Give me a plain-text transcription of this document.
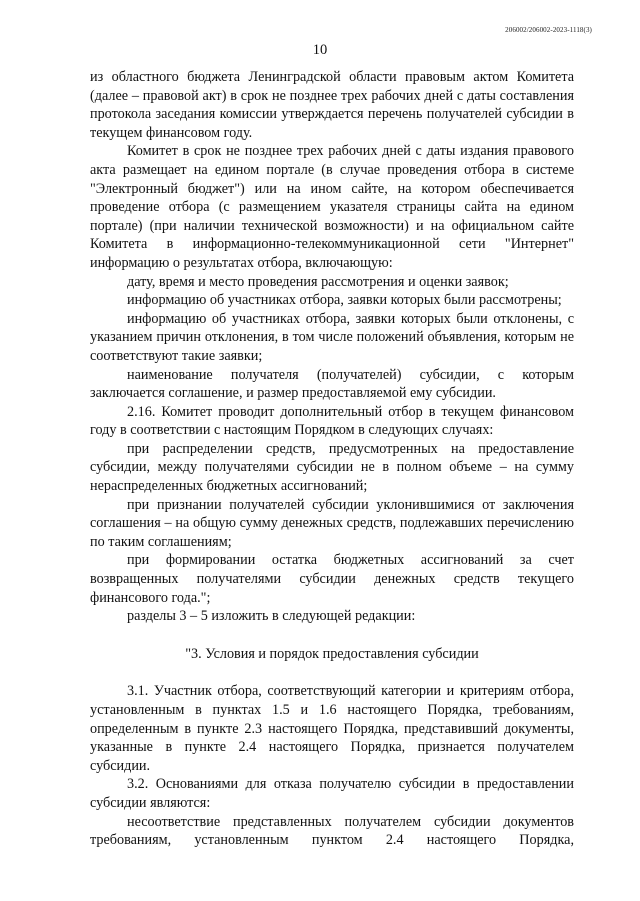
206002/206002-2023-1118(3)
10

из областного бюджета Ленинградской области правовым актом Комитета (далее – правовой акт) в срок не позднее трех рабочих дней с даты составления протокола заседания комиссии утверждается перечень получателей субсидии в текущем финансовом году.

Комитет в срок не позднее трех рабочих дней с даты издания правового акта размещает на едином портале (в случае проведения отбора в системе "Электронный бюджет") или на ином сайте, на котором обеспечивается проведение отбора (с размещением указателя страницы сайта на едином портале) (при наличии технической возможности) и на официальном сайте Комитета в информационно-телекоммуникационной сети "Интернет" информацию о результатах отбора, включающую:

дату, время и место проведения рассмотрения и оценки заявок;

информацию об участниках отбора, заявки которых были рассмотрены;

информацию об участниках отбора, заявки которых были отклонены, с указанием причин отклонения, в том числе положений объявления, которым не соответствуют такие заявки;

наименование получателя (получателей) субсидии, с которым заключается соглашение, и размер предоставляемой ему субсидии.

2.16. Комитет проводит дополнительный отбор в текущем финансовом году в соответствии с настоящим Порядком в следующих случаях:

при распределении средств, предусмотренных на предоставление субсидии, между получателями субсидии не в полном объеме – на сумму нераспределенных бюджетных ассигнований;

при признании получателей субсидии уклонившимися от заключения соглашения – на общую сумму денежных средств, подлежавших перечислению по таким соглашениям;

при формировании остатка бюджетных ассигнований за счет возвращенных получателями субсидии денежных средств текущего финансового года.";

разделы 3 – 5 изложить в следующей редакции:

"3. Условия и порядок предоставления субсидии

3.1. Участник отбора, соответствующий категории и критериям отбора, установленным в пунктах 1.5 и 1.6 настоящего Порядка, требованиям, определенным в пункте 2.3 настоящего Порядка, представивший документы, указанные в пункте 2.4 настоящего Порядка, признается получателем субсидии.

3.2. Основаниями для отказа получателю субсидии в предоставлении субсидии являются:

несоответствие представленных получателем субсидии документов требованиям, установленным пунктом 2.4 настоящего Порядка,
